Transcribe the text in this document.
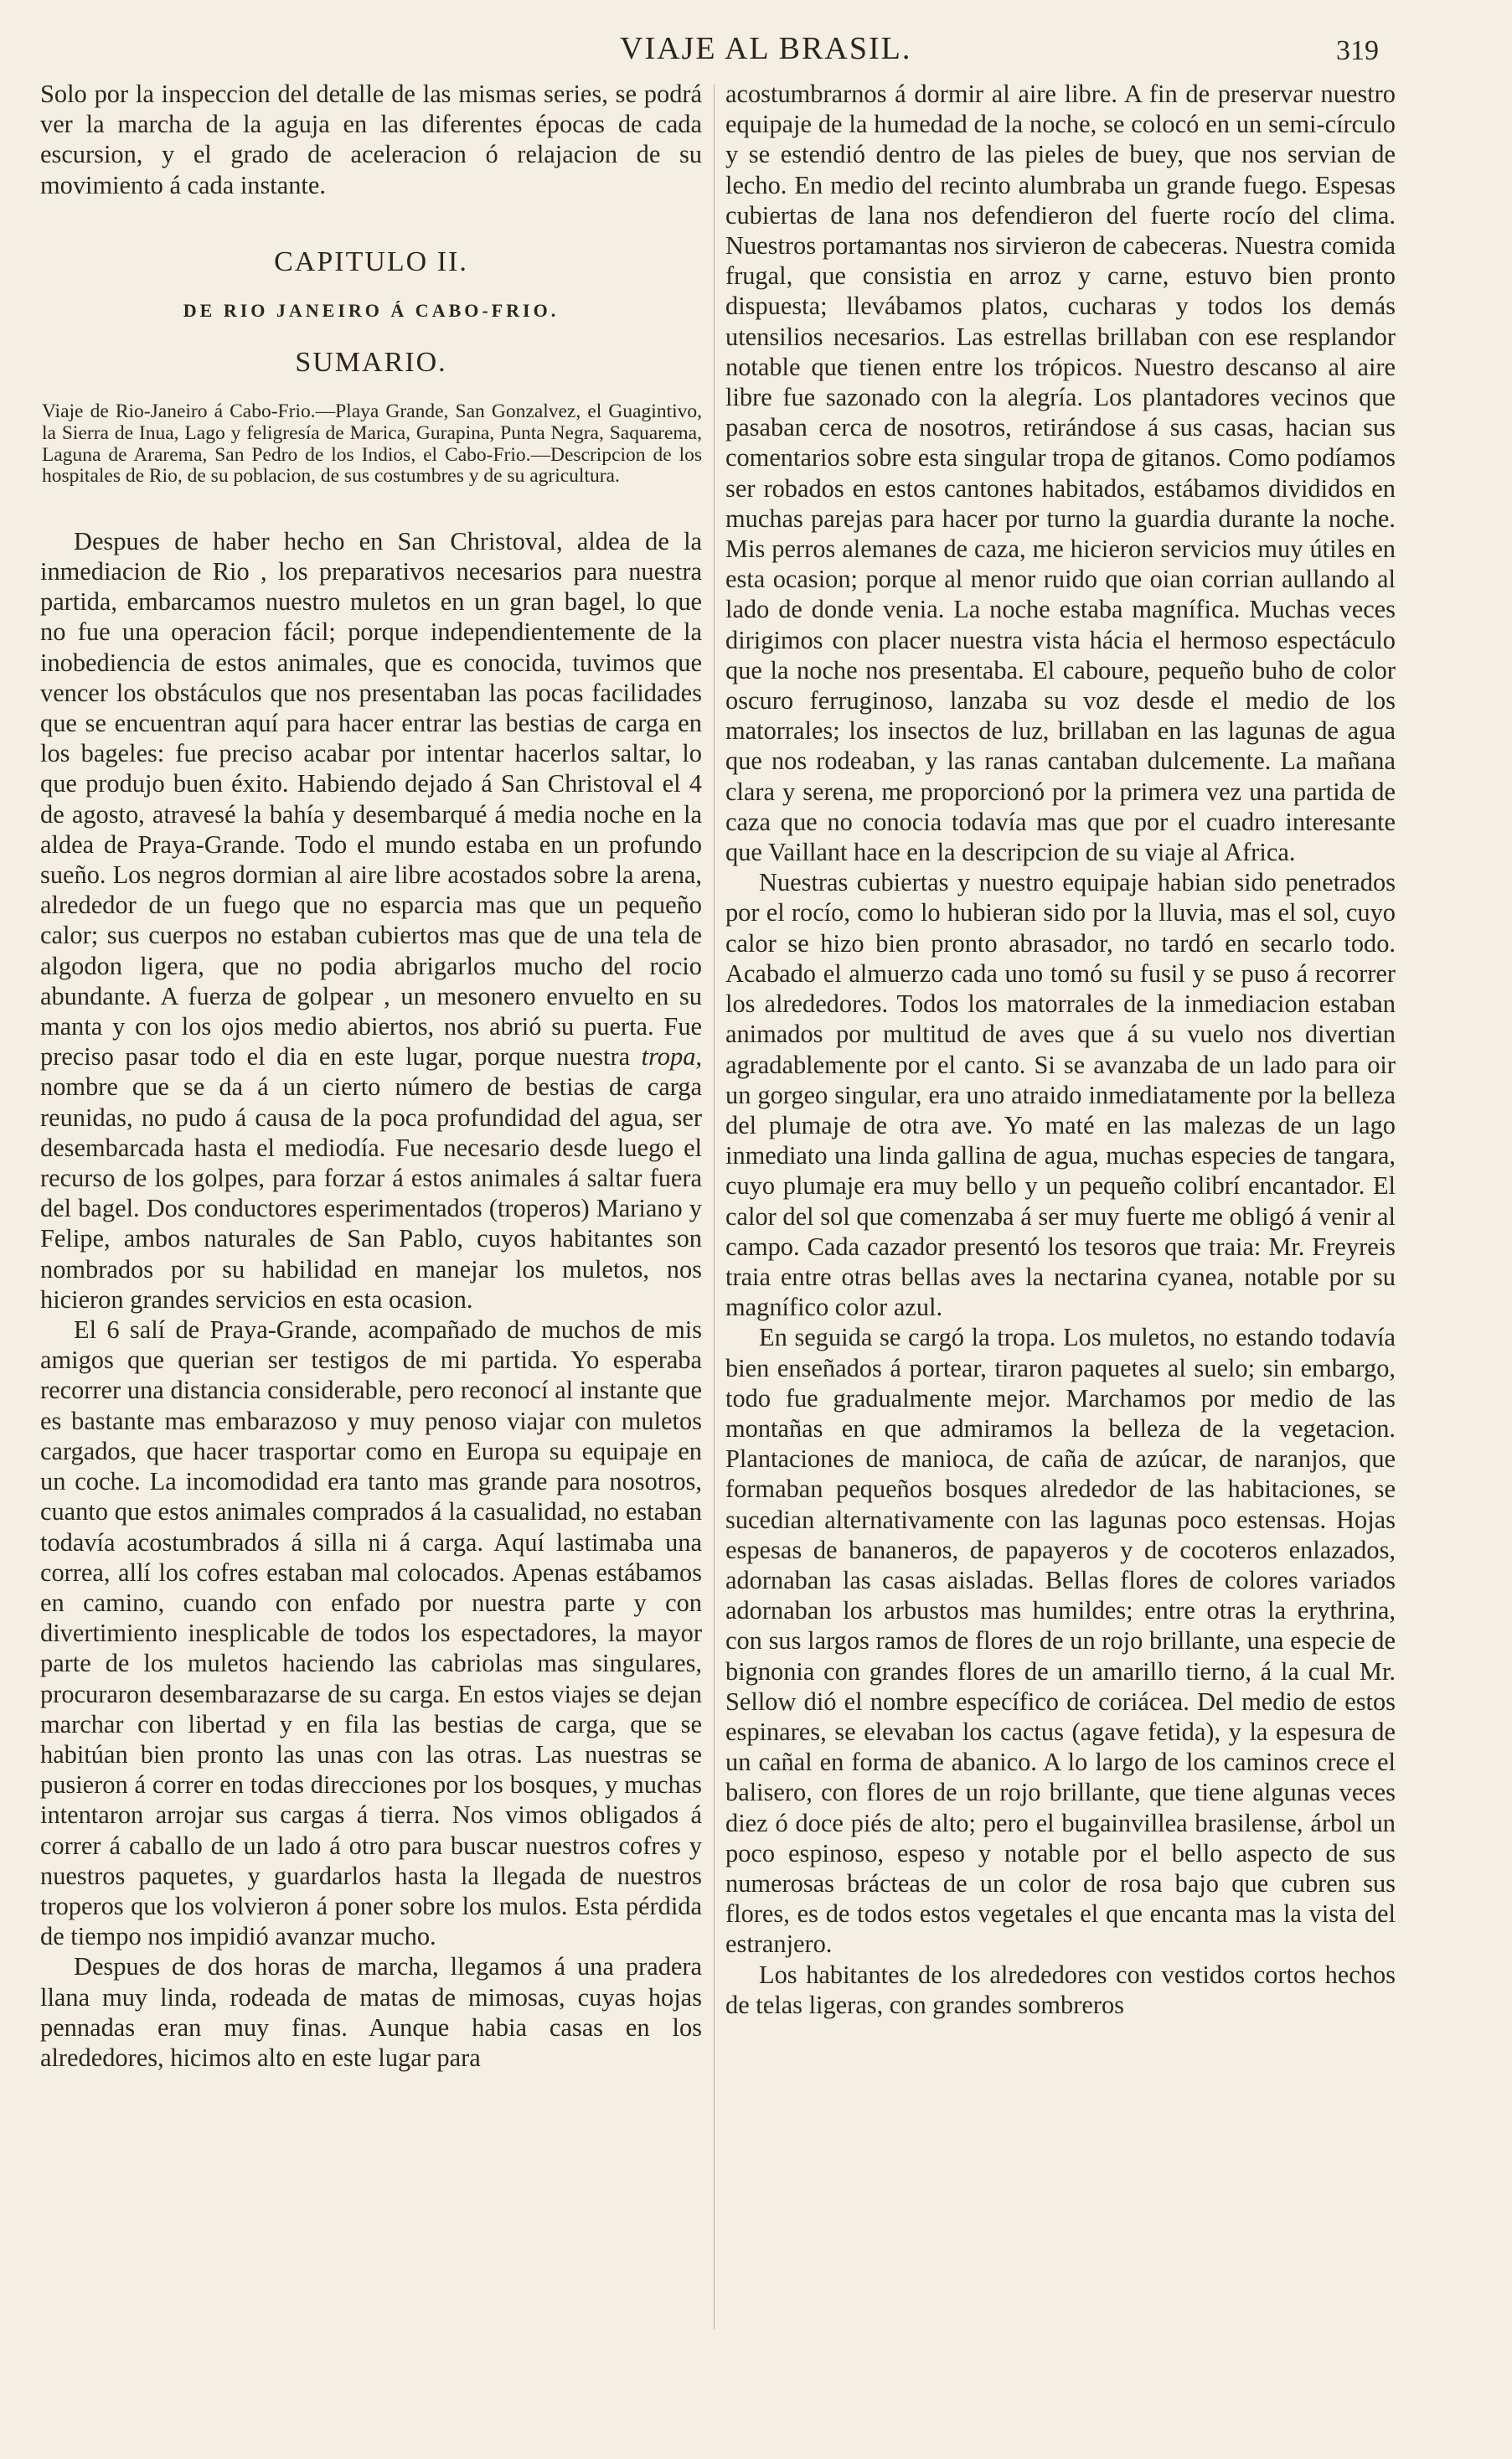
VIAJE AL BRASIL.	319

Solo por la inspeccion del detalle de las mismas series, se podrá ver la marcha de la aguja en las diferentes épocas de cada escursion, y el grado de aceleracion ó relajacion de su movimiento á cada instante.

CAPITULO II.
DE RIO JANEIRO Á CABO-FRIO.
SUMARIO.
Viaje de Rio-Janeiro á Cabo-Frio.—Playa Grande, San Gonzalvez, el Guagintivo, la Sierra de Inua, Lago y feligresía de Marica, Gurapina, Punta Negra, Saquarema, Laguna de Ararema, San Pedro de los Indios, el Cabo-Frio.—Descripcion de los hospitales de Rio, de su poblacion, de sus costumbres y de su agricultura.

Despues de haber hecho en San Christoval, aldea de la inmediacion de Rio , los preparativos necesarios para nuestra partida, embarcamos nuestro muletos en un gran bagel, lo que no fue una operacion fácil; porque independientemente de la inobediencia de estos animales, que es conocida, tuvimos que vencer los obstáculos que nos presentaban las pocas facilidades que se encuentran aquí para hacer entrar las bestias de carga en los bageles: fue preciso acabar por intentar hacerlos saltar, lo que produjo buen éxito. Habiendo dejado á San Christoval el 4 de agosto, atravesé la bahía y desembarqué á media noche en la aldea de Praya-Grande. Todo el mundo estaba en un profundo sueño. Los negros dormian al aire libre acostados sobre la arena, alrededor de un fuego que no esparcia mas que un pequeño calor; sus cuerpos no estaban cubiertos mas que de una tela de algodon ligera, que no podia abrigarlos mucho del rocio abundante. A fuerza de golpear , un mesonero envuelto en su manta y con los ojos medio abiertos, nos abrió su puerta. Fue preciso pasar todo el dia en este lugar, porque nuestra tropa, nombre que se da á un cierto número de bestias de carga reunidas, no pudo á causa de la poca profundidad del agua, ser desembarcada hasta el mediodía. Fue necesario desde luego el recurso de los golpes, para forzar á estos animales á saltar fuera del bagel. Dos conductores esperimentados (troperos) Mariano y Felipe, ambos naturales de San Pablo, cuyos habitantes son nombrados por su habilidad en manejar los muletos, nos hicieron grandes servicios en esta ocasion.

El 6 salí de Praya-Grande, acompañado de muchos de mis amigos que querian ser testigos de mi partida. Yo esperaba recorrer una distancia considerable, pero reconocí al instante que es bastante mas embarazoso y muy penoso viajar con muletos cargados, que hacer trasportar como en Europa su equipaje en un coche. La incomodidad era tanto mas grande para nosotros, cuanto que estos animales comprados á la casualidad, no estaban todavía acostumbrados á silla ni á carga. Aquí lastimaba una correa, allí los cofres estaban mal colocados. Apenas estábamos en camino, cuando con enfado por nuestra parte y con divertimiento inesplicable de todos los espectadores, la mayor parte de los muletos haciendo las cabriolas mas singulares, procuraron desembarazarse de su carga. En estos viajes se dejan marchar con libertad y en fila las bestias de carga, que se habitúan bien pronto las unas con las otras. Las nuestras se pusieron á correr en todas direcciones por los bosques, y muchas intentaron arrojar sus cargas á tierra. Nos vimos obligados á correr á caballo de un lado á otro para buscar nuestros cofres y nuestros paquetes, y guardarlos hasta la llegada de nuestros troperos que los volvieron á poner sobre los mulos. Esta pérdida de tiempo nos impidió avanzar mucho.

Despues de dos horas de marcha, llegamos á una pradera llana muy linda, rodeada de matas de mimosas, cuyas hojas pennadas eran muy finas. Aunque habia casas en los alrededores, hicimos alto en este lugar para

acostumbrarnos á dormir al aire libre. A fin de preservar nuestro equipaje de la humedad de la noche, se colocó en un semi-círculo y se estendió dentro de las pieles de buey, que nos servian de lecho. En medio del recinto alumbraba un grande fuego. Espesas cubiertas de lana nos defendieron del fuerte rocío del clima. Nuestros portamantas nos sirvieron de cabeceras. Nuestra comida frugal, que consistia en arroz y carne, estuvo bien pronto dispuesta; llevábamos platos, cucharas y todos los demás utensilios necesarios. Las estrellas brillaban con ese resplandor notable que tienen entre los trópicos. Nuestro descanso al aire libre fue sazonado con la alegría. Los plantadores vecinos que pasaban cerca de nosotros, retirándose á sus casas, hacian sus comentarios sobre esta singular tropa de gitanos. Como podíamos ser robados en estos cantones habitados, estábamos divididos en muchas parejas para hacer por turno la guardia durante la noche. Mis perros alemanes de caza, me hicieron servicios muy útiles en esta ocasion; porque al menor ruido que oian corrian aullando al lado de donde venia. La noche estaba magnífica. Muchas veces dirigimos con placer nuestra vista hácia el hermoso espectáculo que la noche nos presentaba. El caboure, pequeño buho de color oscuro ferruginoso, lanzaba su voz desde el medio de los matorrales; los insectos de luz, brillaban en las lagunas de agua que nos rodeaban, y las ranas cantaban dulcemente. La mañana clara y serena, me proporcionó por la primera vez una partida de caza que no conocia todavía mas que por el cuadro interesante que Vaillant hace en la descripcion de su viaje al Africa.

Nuestras cubiertas y nuestro equipaje habian sido penetrados por el rocío, como lo hubieran sido por la lluvia, mas el sol, cuyo calor se hizo bien pronto abrasador, no tardó en secarlo todo. Acabado el almuerzo cada uno tomó su fusil y se puso á recorrer los alrededores. Todos los matorrales de la inmediacion estaban animados por multitud de aves que á su vuelo nos divertian agradablemente por el canto. Si se avanzaba de un lado para oir un gorgeo singular, era uno atraido inmediatamente por la belleza del plumaje de otra ave. Yo maté en las malezas de un lago inmediato una linda gallina de agua, muchas especies de tangara, cuyo plumaje era muy bello y un pequeño colibrí encantador. El calor del sol que comenzaba á ser muy fuerte me obligó á venir al campo. Cada cazador presentó los tesoros que traia: Mr. Freyreis traia entre otras bellas aves la nectarina cyanea, notable por su magnífico color azul.

En seguida se cargó la tropa. Los muletos, no estando todavía bien enseñados á portear, tiraron paquetes al suelo; sin embargo, todo fue gradualmente mejor. Marchamos por medio de las montañas en que admiramos la belleza de la vegetacion. Plantaciones de manioca, de caña de azúcar, de naranjos, que formaban pequeños bosques alrededor de las habitaciones, se sucedian alternativamente con las lagunas poco estensas. Hojas espesas de bananeros, de papayeros y de cocoteros enlazados, adornaban las casas aisladas. Bellas flores de colores variados adornaban los arbustos mas humildes; entre otras la erythrina, con sus largos ramos de flores de un rojo brillante, una especie de bignonia con grandes flores de un amarillo tierno, á la cual Mr. Sellow dió el nombre específico de coriácea. Del medio de estos espinares, se elevaban los cactus (agave fetida), y la espesura de un cañal en forma de abanico. A lo largo de los caminos crece el balisero, con flores de un rojo brillante, que tiene algunas veces diez ó doce piés de alto; pero el bugainvillea brasilense, árbol un poco espinoso, espeso y notable por el bello aspecto de sus numerosas brácteas de un color de rosa bajo que cubren sus flores, es de todos estos vegetales el que encanta mas la vista del estranjero.

Los habitantes de los alrededores con vestidos cortos hechos de telas ligeras, con grandes sombreros
